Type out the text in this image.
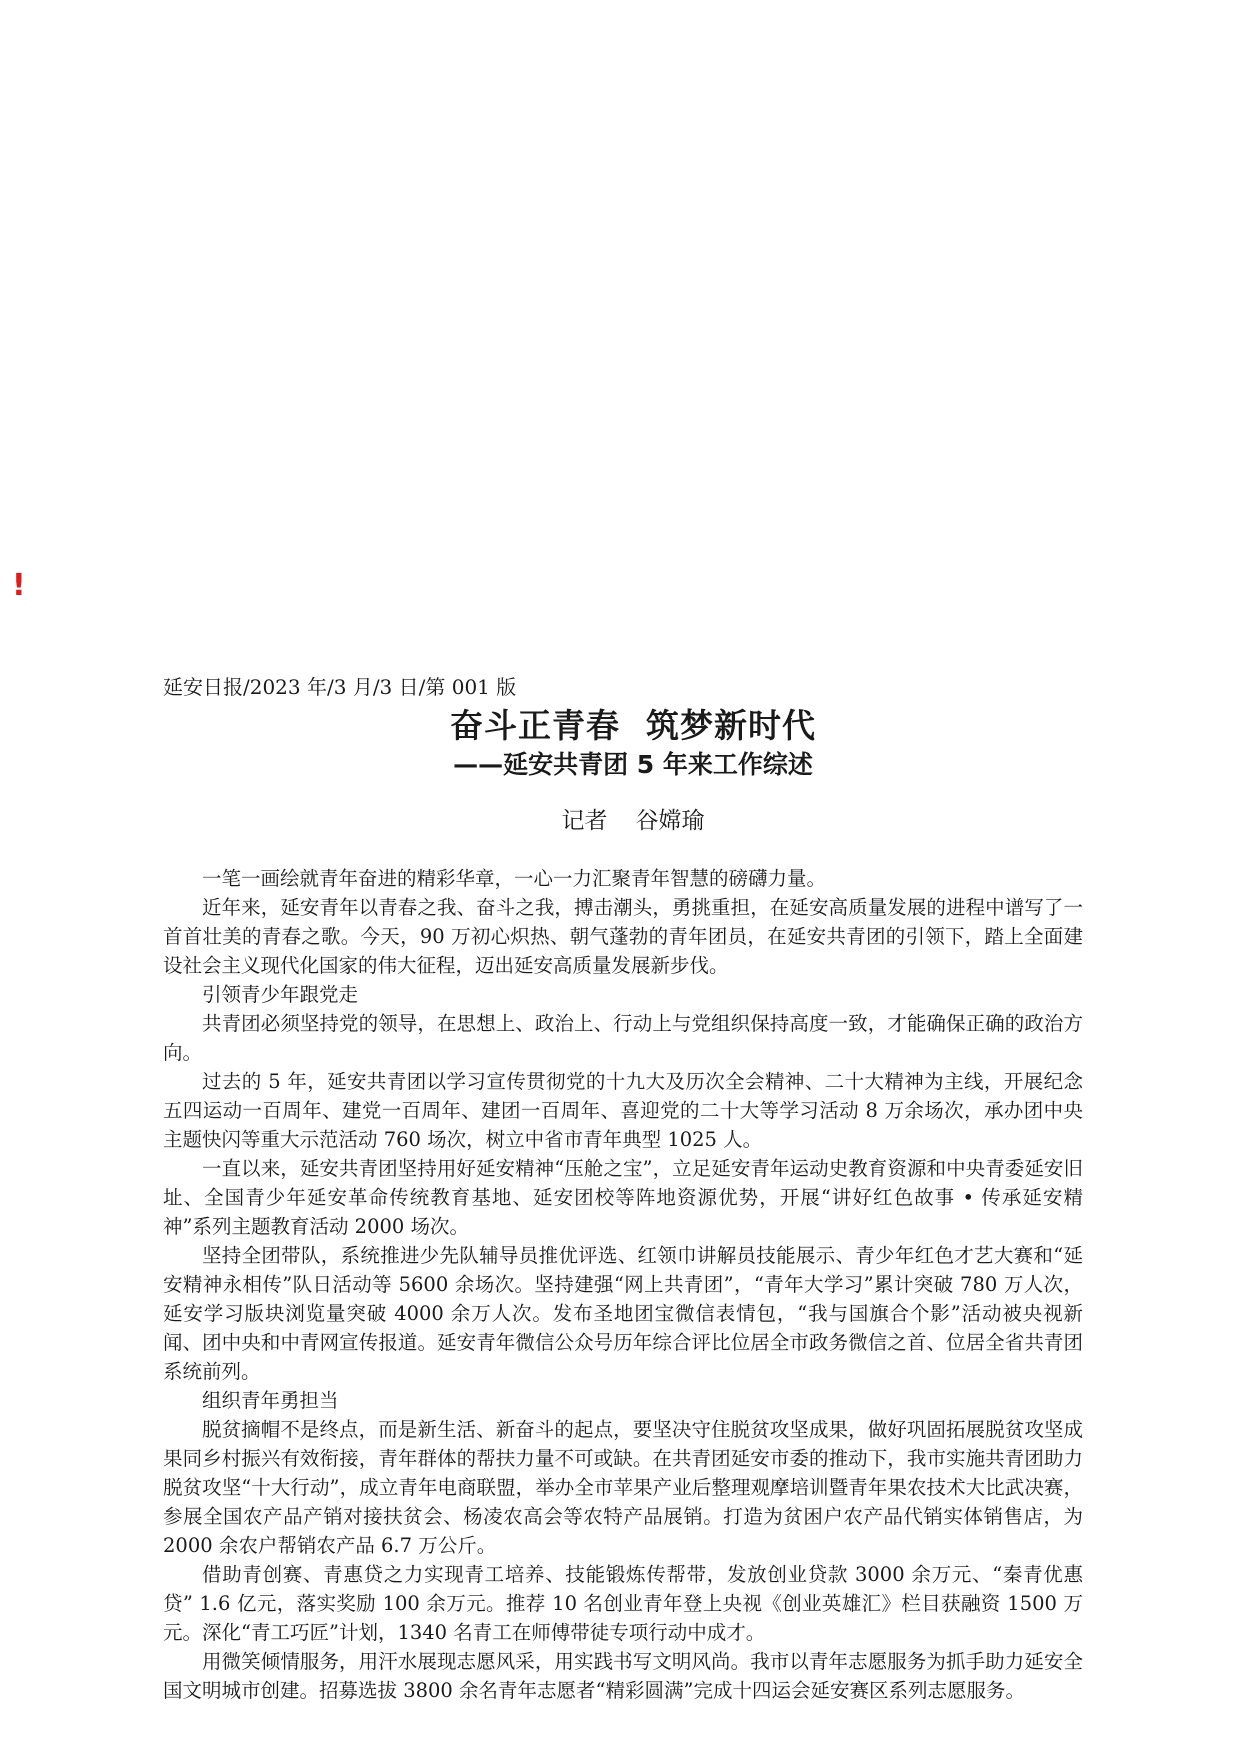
!
延安日报/2023 年/3 月/3 日/第 001 版
奋斗正青春 筑梦新时代
——延安共青团 5 年来工作综述
记者 谷嫦瑜

一笔一画绘就青年奋进的精彩华章，一心一力汇聚青年智慧的磅礴力量。

近年来，延安青年以青春之我、奋斗之我，搏击潮头，勇挑重担，在延安高质量发展的进程中谱写了一首首壮美的青春之歌。今天，90 万初心炽热、朝气蓬勃的青年团员，在延安共青团的引领下，踏上全面建设社会主义现代化国家的伟大征程，迈出延安高质量发展新步伐。

引领青少年跟党走

共青团必须坚持党的领导，在思想上、政治上、行动上与党组织保持高度一致，才能确保正确的政治方向。

过去的 5 年，延安共青团以学习宣传贯彻党的十九大及历次全会精神、二十大精神为主线，开展纪念五四运动一百周年、建党一百周年、建团一百周年、喜迎党的二十大等学习活动 8 万余场次，承办团中央主题快闪等重大示范活动 760 场次，树立中省市青年典型 1025 人。

一直以来，延安共青团坚持用好延安精神“压舱之宝”，立足延安青年运动史教育资源和中央青委延安旧址、全国青少年延安革命传统教育基地、延安团校等阵地资源优势，开展“讲好红色故事 • 传承延安精神”系列主题教育活动 2000 场次。

坚持全团带队，系统推进少先队辅导员推优评选、红领巾讲解员技能展示、青少年红色才艺大赛和“延安精神永相传”队日活动等 5600 余场次。坚持建强“网上共青团”，“青年大学习”累计突破 780 万人次，延安学习版块浏览量突破 4000 余万人次。发布圣地团宝微信表情包，“我与国旗合个影”活动被央视新闻、团中央和中青网宣传报道。延安青年微信公众号历年综合评比位居全市政务微信之首、位居全省共青团系统前列。

组织青年勇担当

脱贫摘帽不是终点，而是新生活、新奋斗的起点，要坚决守住脱贫攻坚成果，做好巩固拓展脱贫攻坚成果同乡村振兴有效衔接，青年群体的帮扶力量不可或缺。在共青团延安市委的推动下，我市实施共青团助力脱贫攻坚“十大行动”，成立青年电商联盟，举办全市苹果产业后整理观摩培训暨青年果农技术大比武决赛，参展全国农产品产销对接扶贫会、杨凌农高会等农特产品展销。打造为贫困户农产品代销实体销售店，为 2000 余农户帮销农产品 6.7 万公斤。

借助青创赛、青惠贷之力实现青工培养、技能锻炼传帮带，发放创业贷款 3000 余万元、“秦青优惠贷” 1.6 亿元，落实奖励 100 余万元。推荐 10 名创业青年登上央视《创业英雄汇》栏目获融资 1500 万元。深化“青工巧匠”计划，1340 名青工在师傅带徒专项行动中成才。

用微笑倾情服务，用汗水展现志愿风采，用实践书写文明风尚。我市以青年志愿服务为抓手助力延安全国文明城市创建。招募选拔 3800 余名青年志愿者“精彩圆满”完成十四运会延安赛区系列志愿服务。
